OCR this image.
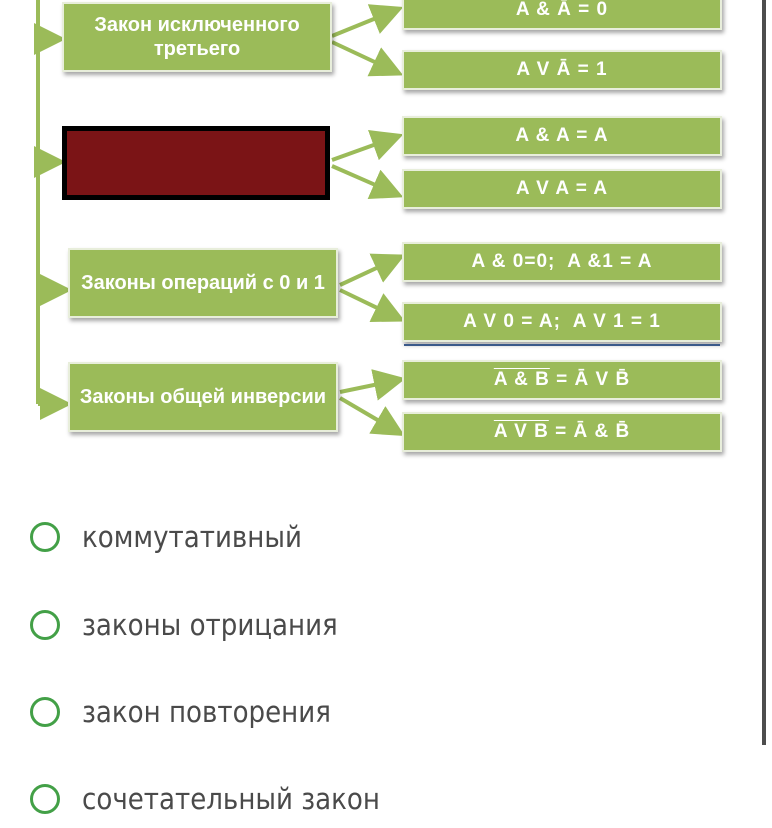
Закон исключенного третьего
A & Ā = 0
A V Ā = 1
A & A = A
A V A = A
Законы операций с 0 и 1
A & 0=0;  A &1 = A
A V 0 = A;  A V 1 = 1
Законы общей инверсии
A & B = Ā V B̄
A V B = Ā & B̄
коммутативный
законы отрицания
закон повторения
сочетательный закон
